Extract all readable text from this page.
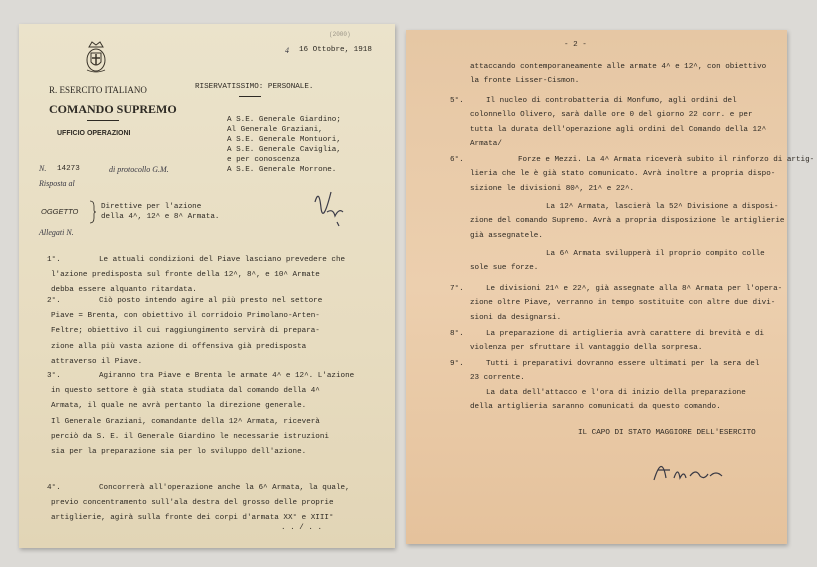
(2000)
R. ESERCITO ITALIANO
COMANDO SUPREMO
UFFICIO OPERAZIONI
4 16 Ottobre, 1918
RISERVATISSIMO: PERSONALE.
A S.E. Generale Giardino;
Al Generale Graziani,
A S.E. Generale Montuori,
A S.E. Generale Caviglia,
e per conoscenza
A S.E. Generale Morrone.
N. 14273	di protocollo G.M.
Risposta al
OGGETTO	Direttive per l'azione
della 4^, 12^ e 8^ Armata.
Allegati N.
1°.	Le attuali condizioni del Piave lasciano prevedere che
l'azione predisposta sul fronte della 12^, 8^, e 10^ Armate
debba essere alquanto ritardata.
2°.	Ciò posto intendo agire al più presto nel settore
Piave = Brenta, con obiettivo il corridoio Primolano-Arten-
Feltre; obiettivo il cui raggiungimento servirà di prepara-
zione alla più vasta azione di offensiva già predisposta
attraverso il Piave.
3°.	Agiranno tra Piave e Brenta le armate 4^ e 12^. L'azione
in questo settore è già stata studiata dal comando della 4^
Armata, il quale ne avrà pertanto la direzione generale.
Il Generale Graziani, comandante della 12^ Armata, riceverà
perciò da S. E. il Generale Giardino le necessarie istruzioni
sia per la preparazione sia per lo sviluppo dell'azione.
4°.	Concorrerà all'operazione anche la 6^ Armata, la quale,
previo concentramento sull'ala destra del grosso delle proprie
artiglierie, agirà sulla fronte dei corpi d'armata XX° e XIII°
. . / . .
- 2 -
attaccando contemporaneamente alle armate 4^ e 12^, con obiettivo
la fronte Lisser-Cismon.
5°.	Il nucleo di controbatteria di Monfumo, agli ordini del
colonnello Olivero, sarà dalle ore 0 del giorno 22 corr. e per
tutta la durata dell'operazione agli ordini del Comando della 12^
Armata/
6°.	Forze e Mezzi. La 4^ Armata riceverà subito il rinforzo di artig-
lieria che le è già stato comunicato. Avrà inoltre a propria dispo-
sizione le divisioni 80^, 21^ e 22^.
La 12^ Armata, lascierà la 52^ Divisione a disposi-
zione del comando Supremo. Avrà a propria disposizione le artiglierie
già assegnatele.
La 6^ Armata svilupperà il proprio compito colle
sole sue forze.
7°.	Le divisioni 21^ e 22^, già assegnate alla 8^ Armata per l'opera-
zione oltre Piave, verranno in tempo sostituite con altre due divi-
sioni da designarsi.
8°.	La preparazione di artiglieria avrà carattere di brevità e di
violenza per sfruttare il vantaggio della sorpresa.
9°.	Tutti i preparativi dovranno essere ultimati per la sera del
23 corrente.
La data dell'attacco e l'ora di inizio della preparazione
della artiglieria saranno comunicati da questo comando.
IL CAPO DI STATO MAGGIORE DELL'ESERCITO
